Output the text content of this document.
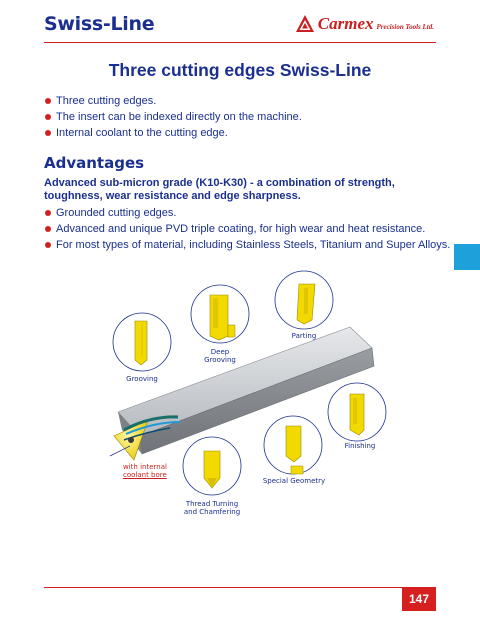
Swiss-Line	Carmex Precision Tools Ltd.
Three cutting edges Swiss-Line
Three cutting edges.
The insert can be indexed directly on the machine.
Internal coolant to the cutting edge.
Advantages
Advanced sub-micron grade (K10-K30) - a combination of strength, toughness, wear resistance and edge sharpness.
Grounded cutting edges.
Advanced and unique PVD triple coating, for high wear and heat resistance.
For most types of material, including Stainless Steels, Titanium and Super Alloys.
Grooving
Deep Grooving
Parting
Finishing
Special Geometry
Thread Turning and Chamfering
with internal
coolant bore
147
